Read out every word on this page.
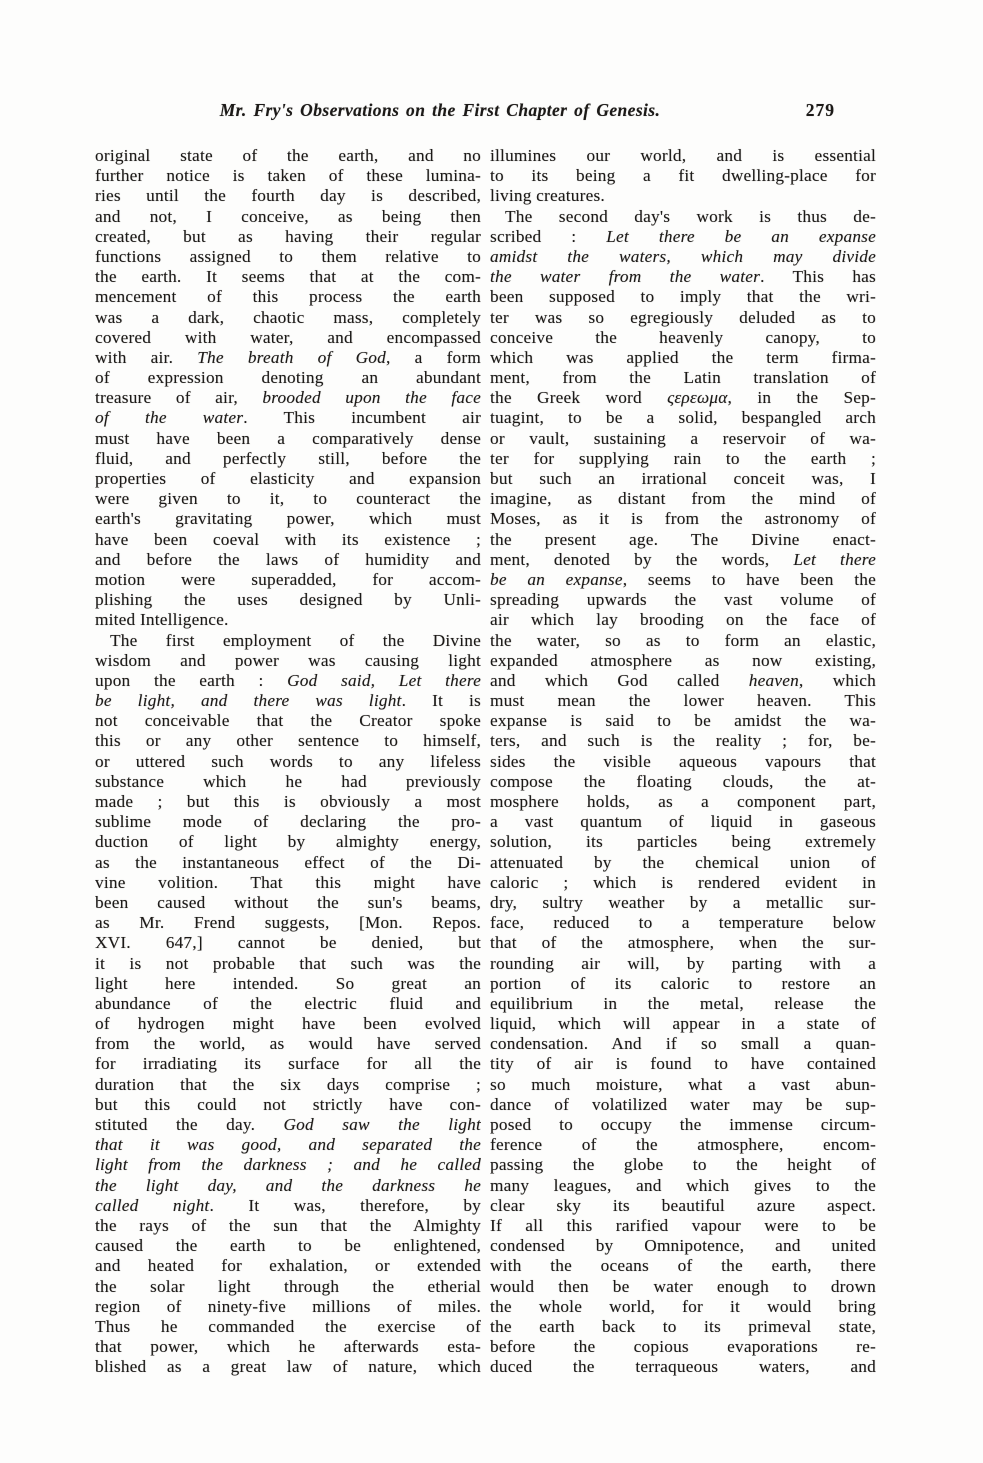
Mr. Fry's Observations on the First Chapter of Genesis.	279
original state of the earth, and no
further notice is taken of these lumina-
ries until the fourth day is described,
and not, I conceive, as being then
created, but as having their regular
functions assigned to them relative to
the earth. It seems that at the com-
mencement of this process the earth
was a dark, chaotic mass, completely
covered with water, and encompassed
with air. The breath of God, a form
of expression denoting an abundant
treasure of air, brooded upon the face
of the water. This incumbent air
must have been a comparatively dense
fluid, and perfectly still, before the
properties of elasticity and expansion
were given to it, to counteract the
earth's gravitating power, which must
have been coeval with its existence ;
and before the laws of humidity and
motion were superadded, for accom-
plishing the uses designed by Unli-
mited Intelligence.
The first employment of the Divine
wisdom and power was causing light
upon the earth : God said, Let there
be light, and there was light. It is
not conceivable that the Creator spoke
this or any other sentence to himself,
or uttered such words to any lifeless
substance which he had previously
made ; but this is obviously a most
sublime mode of declaring the pro-
duction of light by almighty energy,
as the instantaneous effect of the Di-
vine volition. That this might have
been caused without the sun's beams,
as Mr. Frend suggests, [Mon. Repos.
XVI. 647,] cannot be denied, but
it is not probable that such was the
light here intended. So great an
abundance of the electric fluid and
of hydrogen might have been evolved
from the world, as would have served
for irradiating its surface for all the
duration that the six days comprise ;
but this could not strictly have con-
stituted the day. God saw the light
that it was good, and separated the
light from the darkness ; and he called
the light day, and the darkness he
called night. It was, therefore, by
the rays of the sun that the Almighty
caused the earth to be enlightened,
and heated for exhalation, or extended
the solar light through the etherial
region of ninety-five millions of miles.
Thus he commanded the exercise of
that power, which he afterwards esta-
blished as a great law of nature, which
illumines our world, and is essential
to its being a fit dwelling-place for
living creatures.
The second day's work is thus de-
scribed : Let there be an expanse
amidst the waters, which may divide
the water from the water. This has
been supposed to imply that the wri-
ter was so egregiously deluded as to
conceive the heavenly canopy, to
which was applied the term firma-
ment, from the Latin translation of
the Greek word ςερεωμα, in the Sep-
tuagint, to be a solid, bespangled arch
or vault, sustaining a reservoir of wa-
ter for supplying rain to the earth ;
but such an irrational conceit was, I
imagine, as distant from the mind of
Moses, as it is from the astronomy of
the present age. The Divine enact-
ment, denoted by the words, Let there
be an expanse, seems to have been the
spreading upwards the vast volume of
air which lay brooding on the face of
the water, so as to form an elastic,
expanded atmosphere as now existing,
and which God called heaven, which
must mean the lower heaven. This
expanse is said to be amidst the wa-
ters, and such is the reality ; for, be-
sides the visible aqueous vapours that
compose the floating clouds, the at-
mosphere holds, as a component part,
a vast quantum of liquid in gaseous
solution, its particles being extremely
attenuated by the chemical union of
caloric ; which is rendered evident in
dry, sultry weather by a metallic sur-
face, reduced to a temperature below
that of the atmosphere, when the sur-
rounding air will, by parting with a
portion of its caloric to restore an
equilibrium in the metal, release the
liquid, which will appear in a state of
condensation. And if so small a quan-
tity of air is found to have contained
so much moisture, what a vast abun-
dance of volatilized water may be sup-
posed to occupy the immense circum-
ference of the atmosphere, encom-
passing the globe to the height of
many leagues, and which gives to the
clear sky its beautiful azure aspect.
If all this rarified vapour were to be
condensed by Omnipotence, and united
with the oceans of the earth, there
would then be water enough to drown
the whole world, for it would bring
the earth back to its primeval state,
before the copious evaporations re-
duced the terraqueous waters, and
